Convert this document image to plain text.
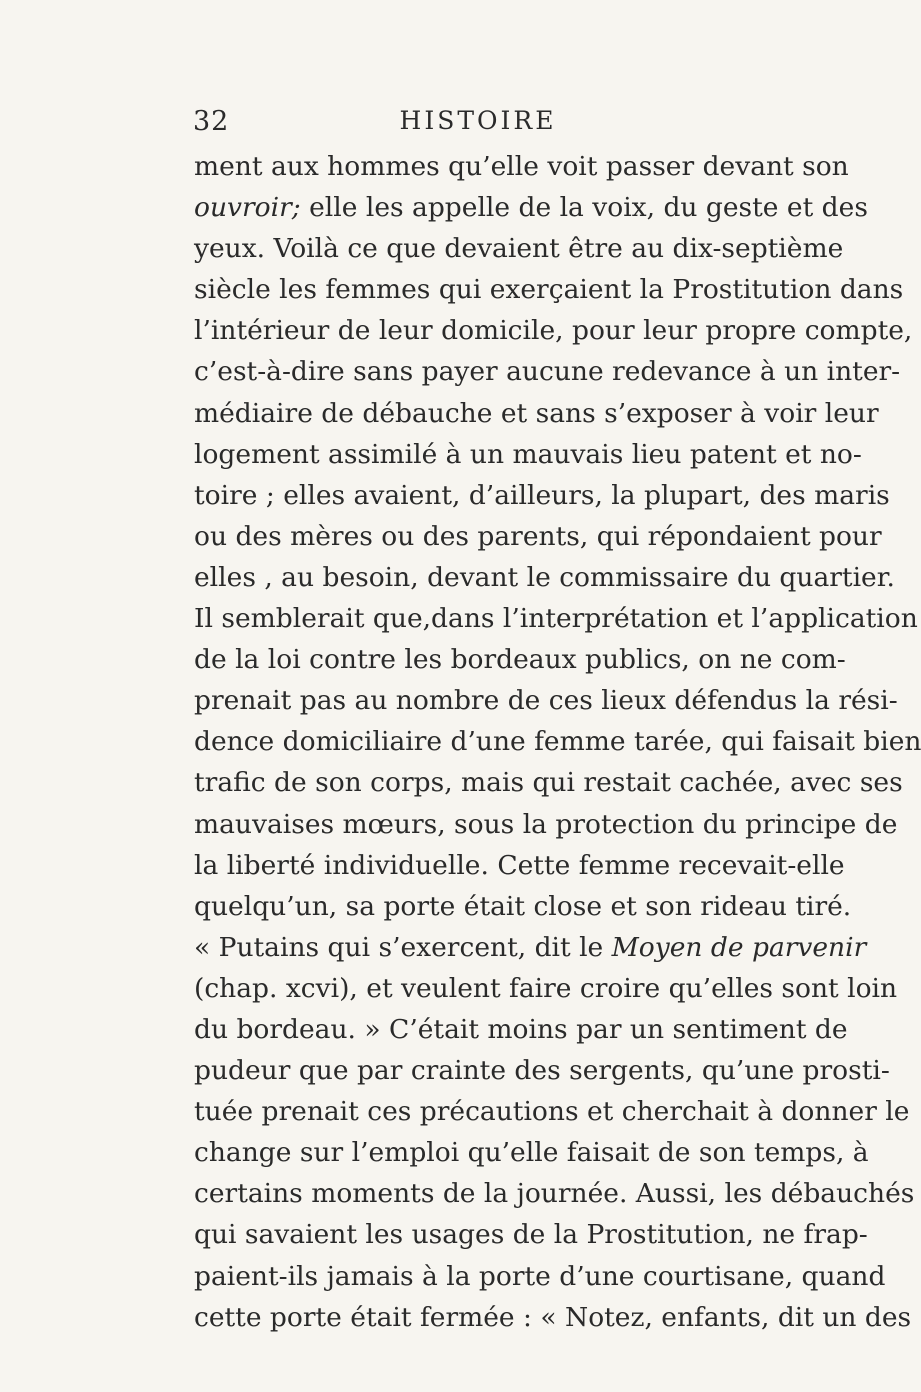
32	HISTOIRE
ment aux hommes qu’elle voit passer devant son
ouvroir; elle les appelle de la voix, du geste et des
yeux. Voilà ce que devaient être au dix-septième
siècle les femmes qui exerçaient la Prostitution dans
l’intérieur de leur domicile, pour leur propre compte,
c’est-à-dire sans payer aucune redevance à un inter-
médiaire de débauche et sans s’exposer à voir leur
logement assimilé à un mauvais lieu patent et no-
toire ; elles avaient, d’ailleurs, la plupart, des maris
ou des mères ou des parents, qui répondaient pour
elles , au besoin, devant le commissaire du quartier.
Il semblerait que,dans l’interprétation et l’application
de la loi contre les bordeaux publics, on ne com-
prenait pas au nombre de ces lieux défendus la rési-
dence domiciliaire d’une femme tarée, qui faisait bien
trafic de son corps, mais qui restait cachée, avec ses
mauvaises mœurs, sous la protection du principe de
la liberté individuelle. Cette femme recevait-elle
quelqu’un, sa porte était close et son rideau tiré.
« Putains qui s’exercent, dit le Moyen de parvenir
(chap. xcvi), et veulent faire croire qu’elles sont loin
du bordeau. » C’était moins par un sentiment de
pudeur que par crainte des sergents, qu’une prosti-
tuée prenait ces précautions et cherchait à donner le
change sur l’emploi qu’elle faisait de son temps, à
certains moments de la journée. Aussi, les débauchés
qui savaient les usages de la Prostitution, ne frap-
paient-ils jamais à la porte d’une courtisane, quand
cette porte était fermée : « Notez, enfants, dit un des
